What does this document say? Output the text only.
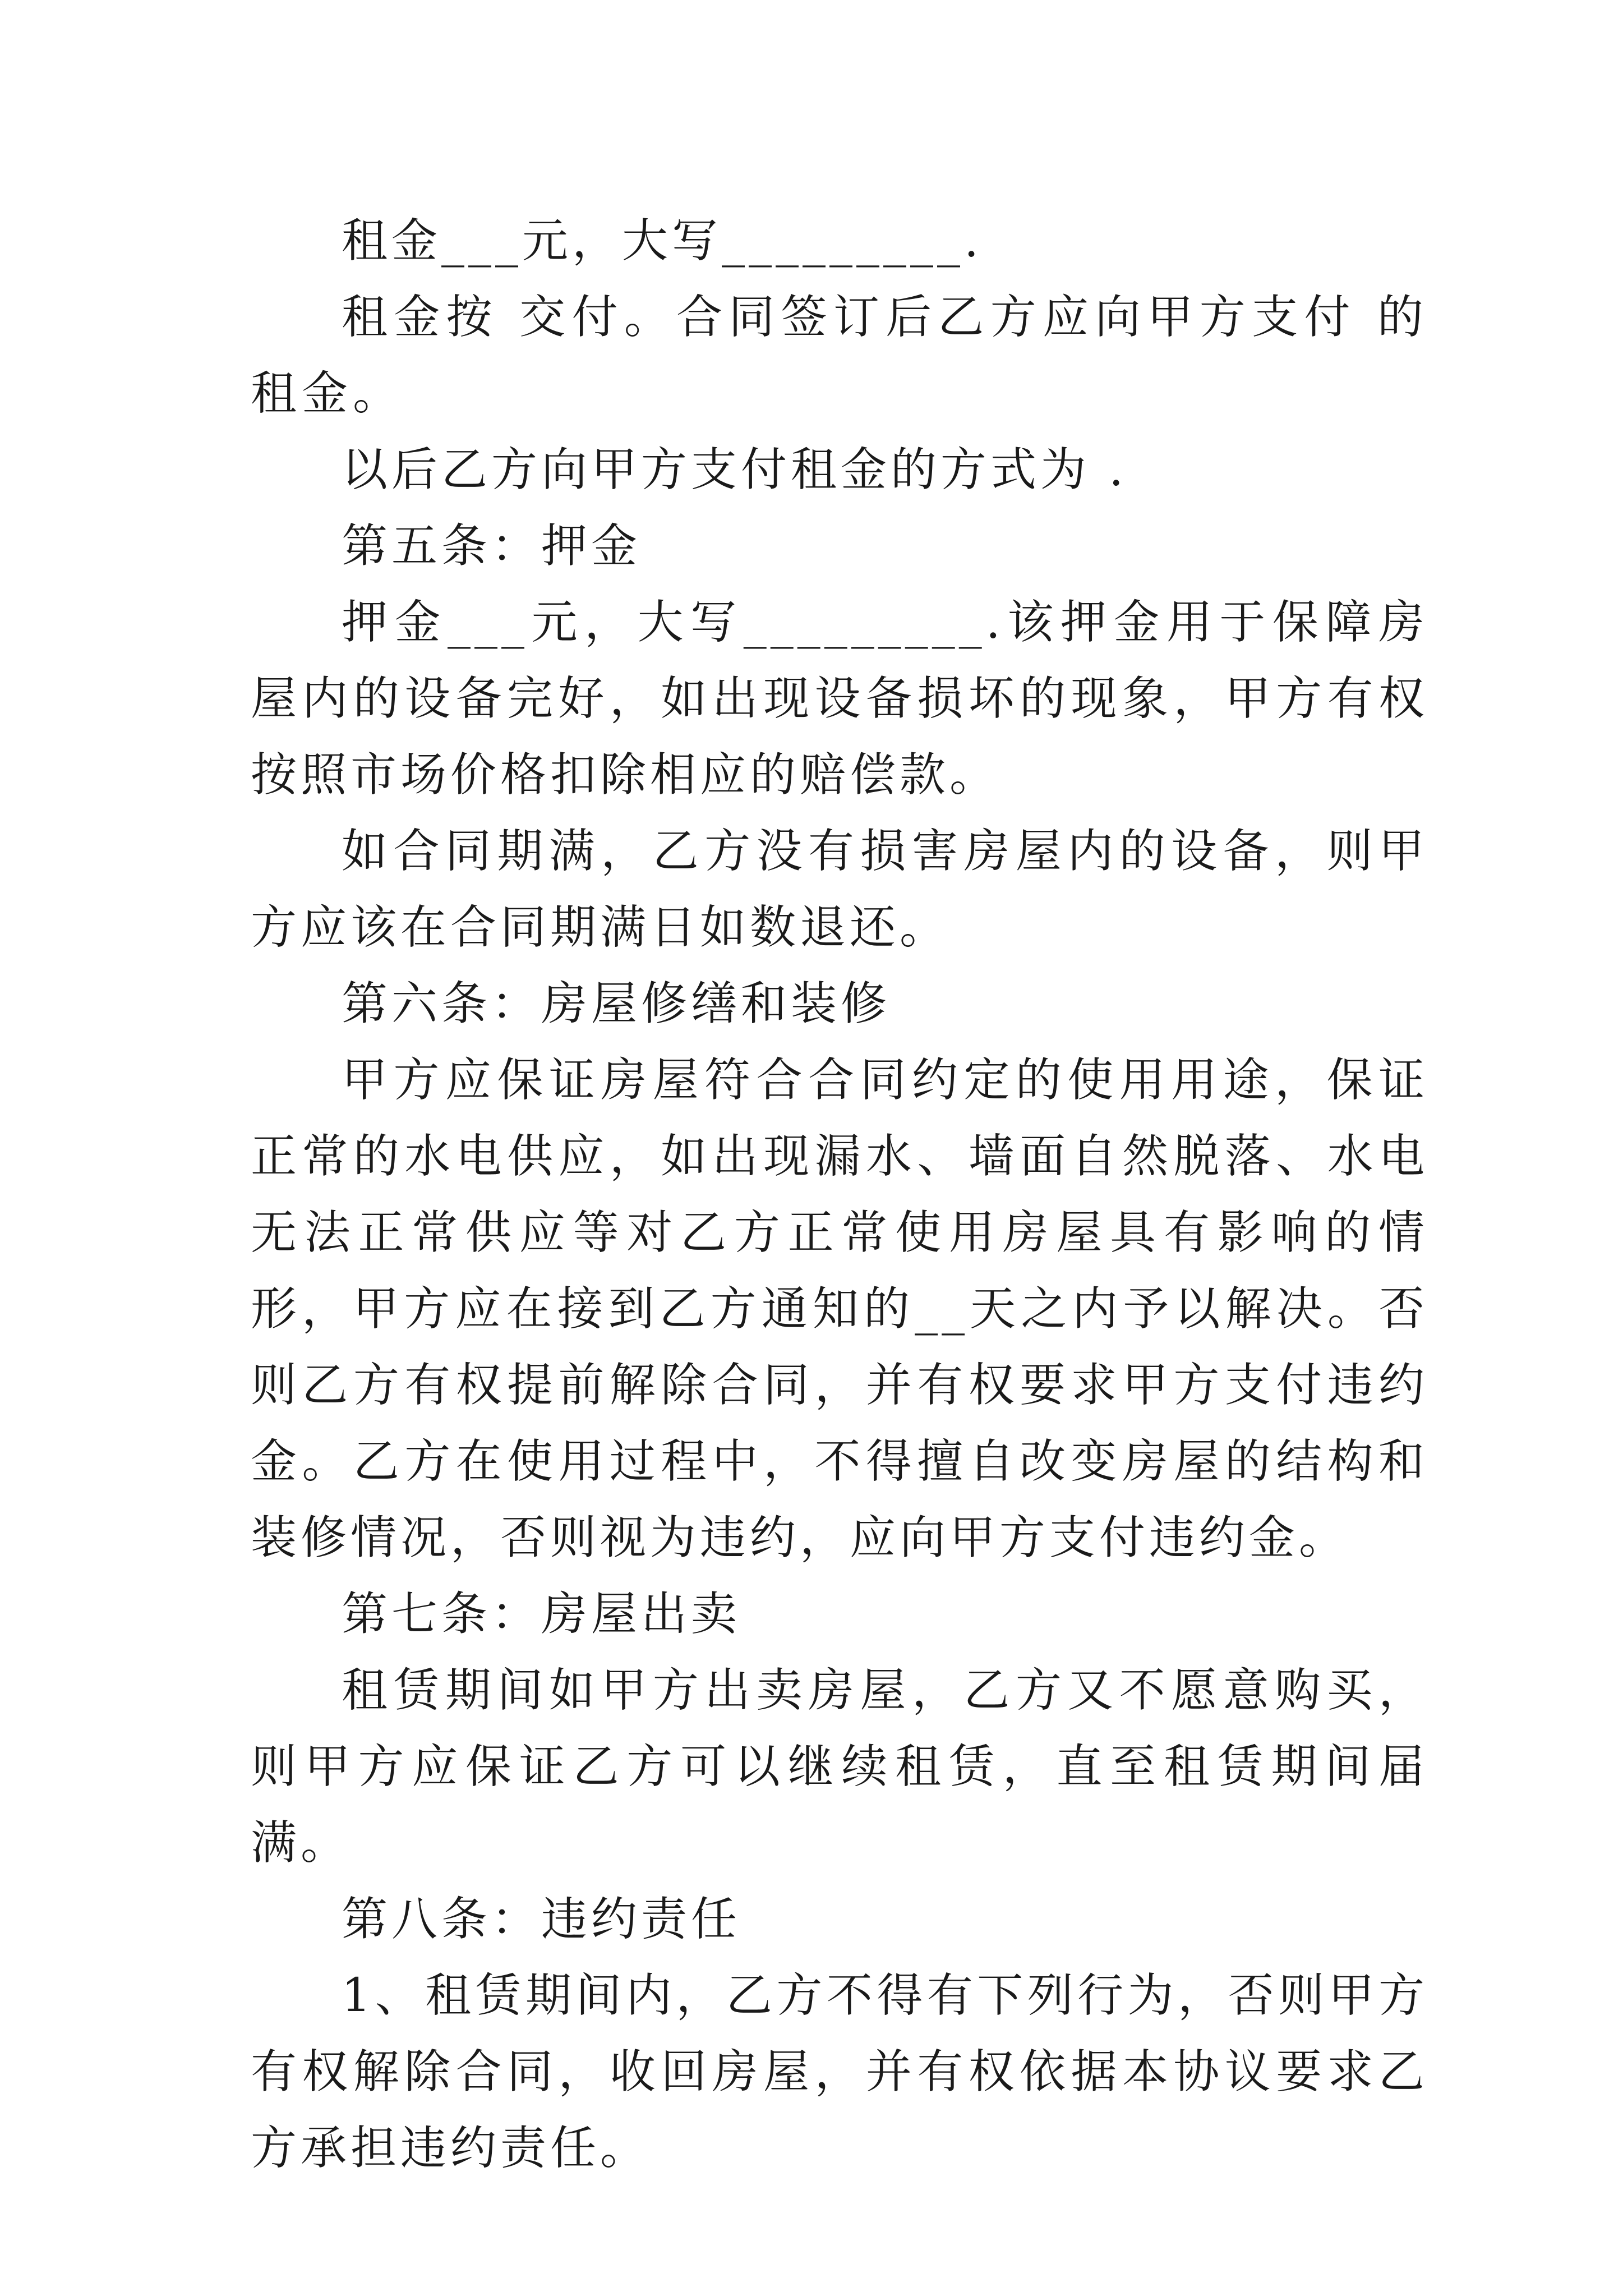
租金___元，大写_________.

租金按 交付。合同签订后乙方应向甲方支付 的租金。

以后乙方向甲方支付租金的方式为 .

第五条：押金

押金___元，大写_________.该押金用于保障房屋内的设备完好，如出现设备损坏的现象，甲方有权按照市场价格扣除相应的赔偿款。

如合同期满，乙方没有损害房屋内的设备，则甲方应该在合同期满日如数退还。

第六条：房屋修缮和装修

甲方应保证房屋符合合同约定的使用用途，保证正常的水电供应，如出现漏水、墙面自然脱落、水电无法正常供应等对乙方正常使用房屋具有影响的情形，甲方应在接到乙方通知的__天之内予以解决。否则乙方有权提前解除合同，并有权要求甲方支付违约金。乙方在使用过程中，不得擅自改变房屋的结构和装修情况，否则视为违约，应向甲方支付违约金。

第七条：房屋出卖

租赁期间如甲方出卖房屋，乙方又不愿意购买，则甲方应保证乙方可以继续租赁，直至租赁期间届满。

第八条：违约责任

1、租赁期间内，乙方不得有下列行为，否则甲方有权解除合同，收回房屋，并有权依据本协议要求乙方承担违约责任。
